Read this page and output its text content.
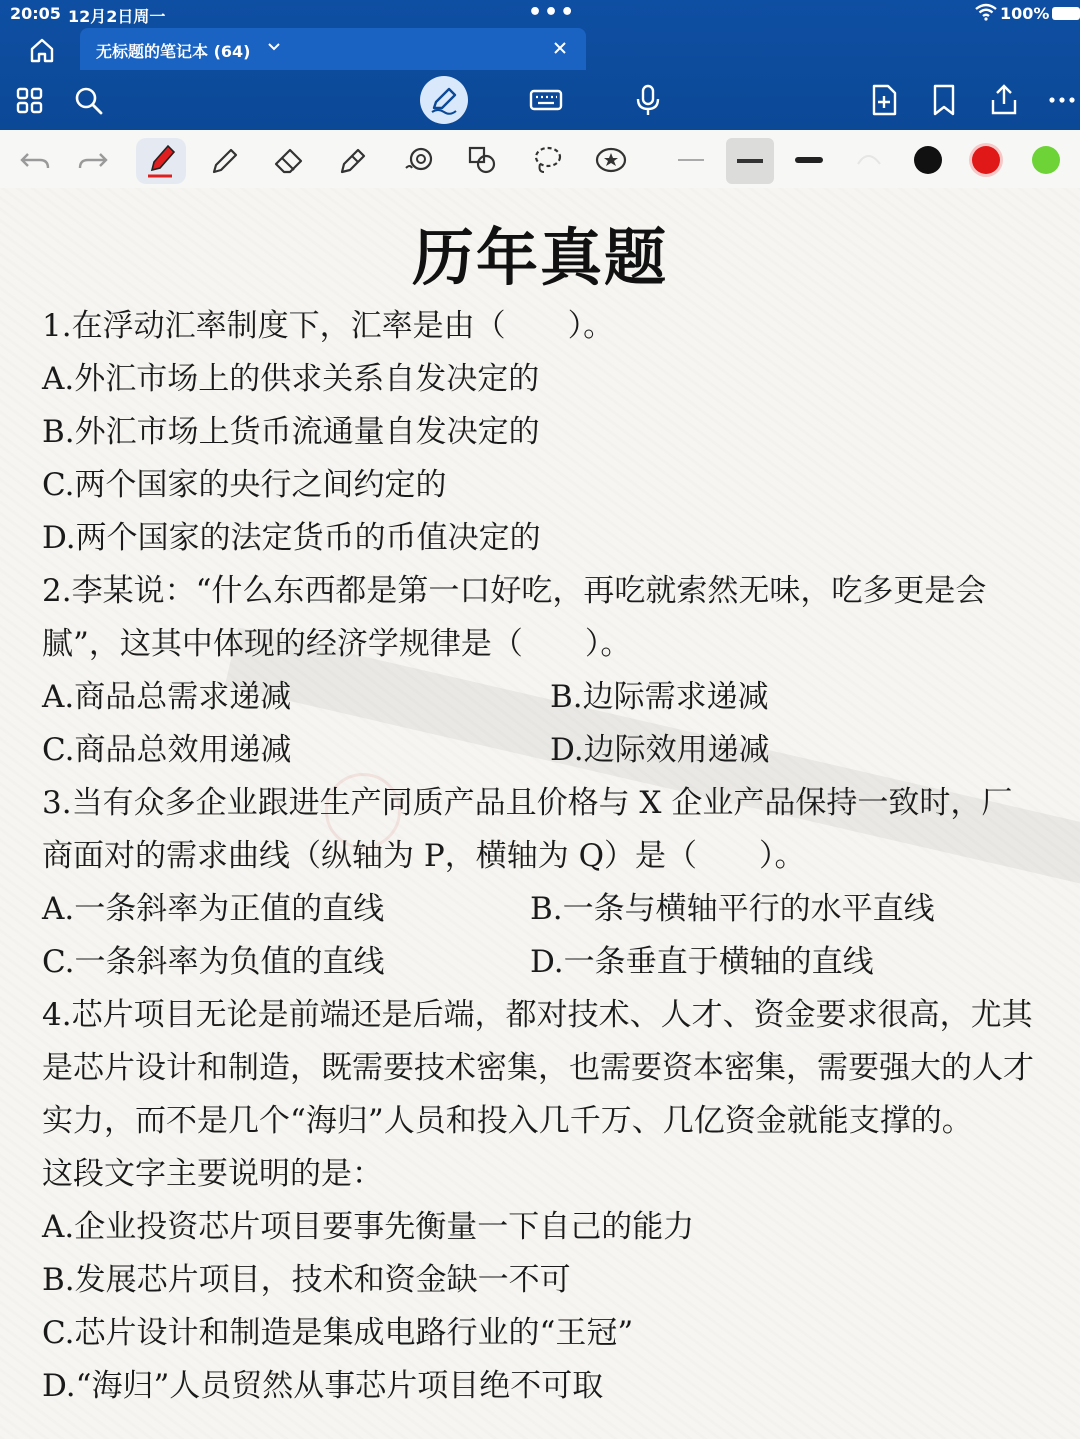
20:05 12月2日周一	•••	100%
无标题的笔记本 (64)
历年真题
1.在浮动汇率制度下，汇率是由（　　）。
A.外汇市场上的供求关系自发决定的
B.外汇市场上货币流通量自发决定的
C.两个国家的央行之间约定的
D.两个国家的法定货币的币值决定的
2.李某说：“什么东西都是第一口好吃，再吃就索然无味，吃多更是会
腻”，这其中体现的经济学规律是（　　）。
A.商品总需求递减	B.边际需求递减
C.商品总效用递减	D.边际效用递减
3.当有众多企业跟进生产同质产品且价格与 X 企业产品保持一致时，厂
商面对的需求曲线（纵轴为 P，横轴为 Q）是（　　）。
A.一条斜率为正值的直线	B.一条与横轴平行的水平直线
C.一条斜率为负值的直线	D.一条垂直于横轴的直线
4.芯片项目无论是前端还是后端，都对技术、人才、资金要求很高，尤其
是芯片设计和制造，既需要技术密集，也需要资本密集，需要强大的人才
实力，而不是几个“海归”人员和投入几千万、几亿资金就能支撑的。
这段文字主要说明的是：
A.企业投资芯片项目要事先衡量一下自己的能力
B.发展芯片项目，技术和资金缺一不可
C.芯片设计和制造是集成电路行业的“王冠”
D.“海归”人员贸然从事芯片项目绝不可取
